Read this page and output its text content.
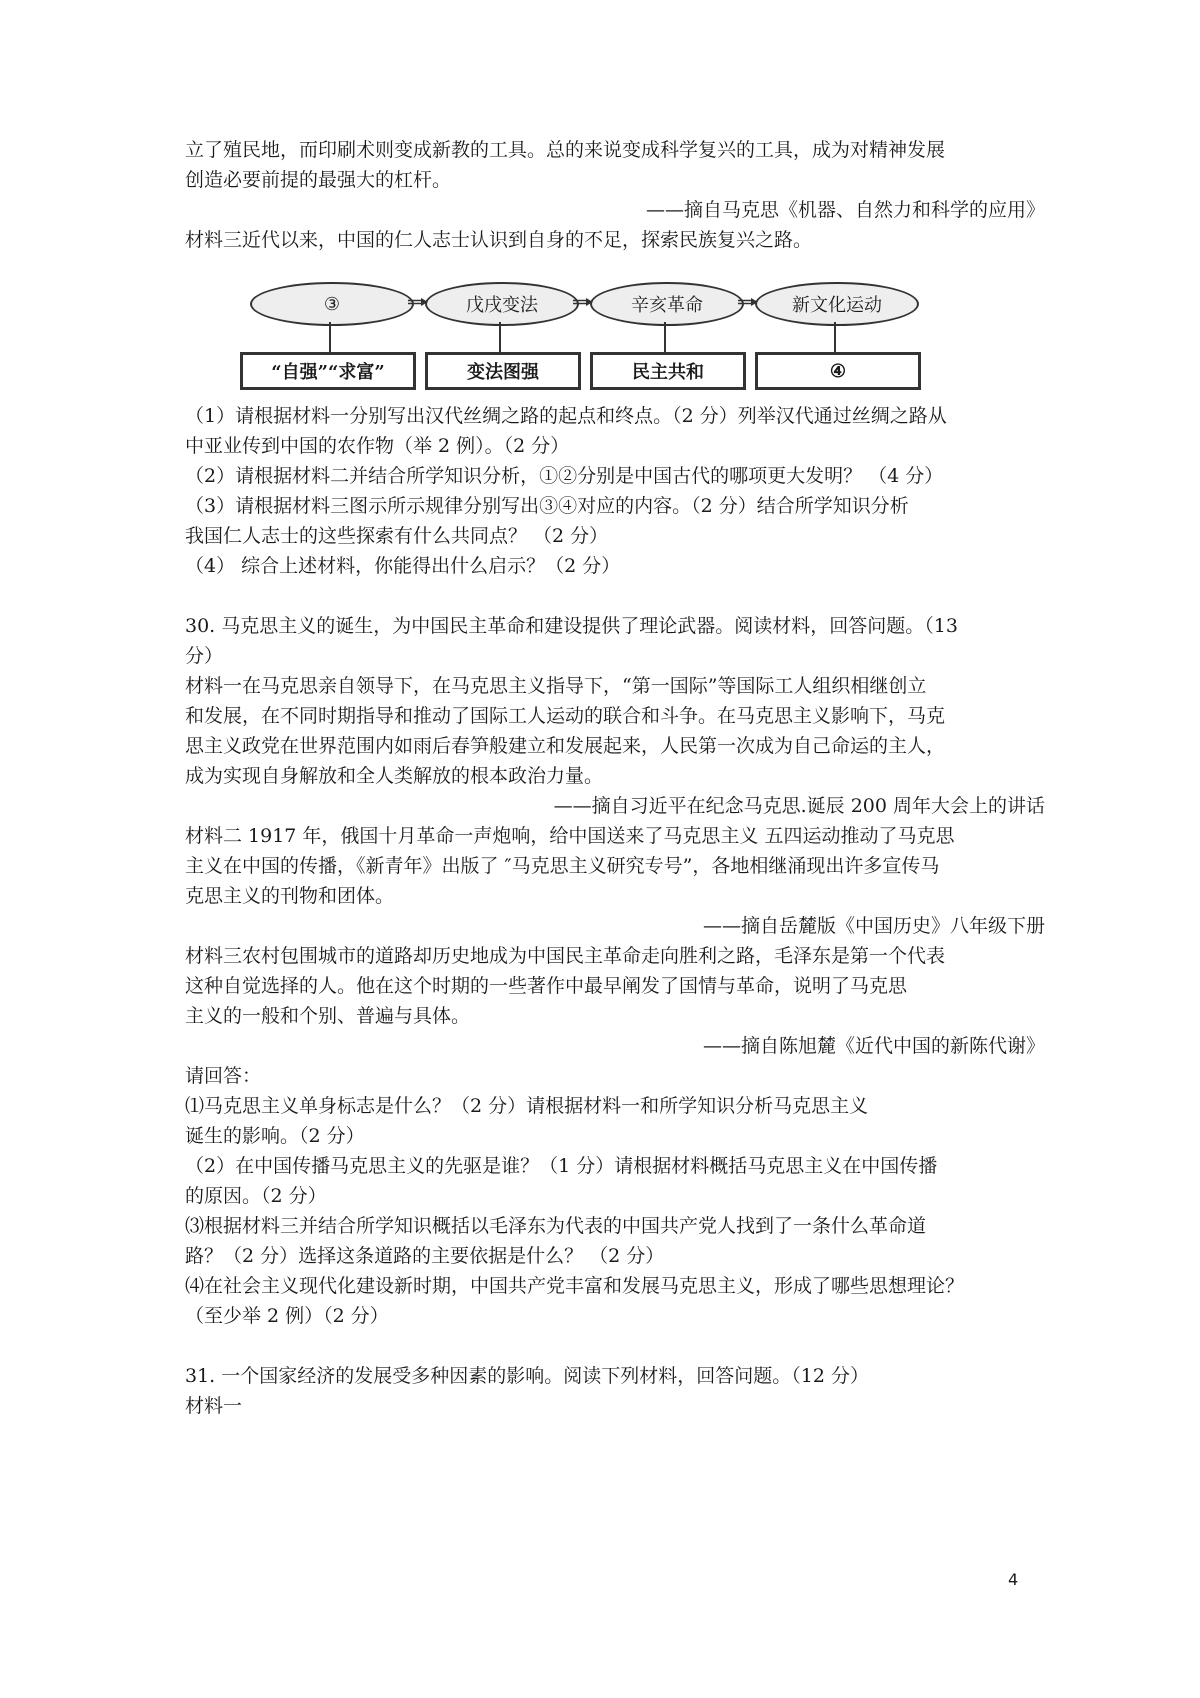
立了殖民地，而印刷术则变成新教的工具。总的来说变成科学复兴的工具，成为对精神发展
创造必要前提的最强大的杠杆。
——摘自马克思《机器、自然力和科学的应用》
材料三近代以来，中国的仁人志士认识到自身的不足，探索民族复兴之路。
③	戊戌变法	辛亥革命	新文化运动
“自强”“求富”	变法图强	民主共和	④
（1）请根据材料一分别写出汉代丝绸之路的起点和终点。（2 分）列举汉代通过丝绸之路从
中亚业传到中国的农作物（举 2 例）。（2 分）
（2）请根据材料二并结合所学知识分析，①②分别是中国古代的哪项更大发明？ （4 分）
（3）请根据材料三图示所示规律分别写出③④对应的内容。（2 分）结合所学知识分析
我国仁人志士的这些探索有什么共同点？ （2 分）
（4） 综合上述材料，你能得出什么启示？（2 分）
30. 马克思主义的诞生，为中国民主革命和建设提供了理论武器。阅读材料，回答问题。（13
分）
材料一在马克思亲自领导下，在马克思主义指导下，“第一国际”等国际工人组织相继创立
和发展，在不同时期指导和推动了国际工人运动的联合和斗争。在马克思主义影响下，马克
思主义政党在世界范围内如雨后春笋般建立和发展起来，人民第一次成为自己命运的主人，
成为实现自身解放和全人类解放的根本政治力量。
——摘自习近平在纪念马克思.诞辰 200 周年大会上的讲话
材料二 1917 年，俄国十月革命一声炮响，给中国送来了马克思主义 五四运动推动了马克思
主义在中国的传播，《新青年》出版了 ″马克思主义研究专号”，各地相继涌现出许多宣传马
克思主义的刊物和团体。
——摘自岳麓版《中国历史》八年级下册
材料三农村包围城市的道路却历史地成为中国民主革命走向胜利之路，毛泽东是第一个代表
这种自觉选择的人。他在这个时期的一些著作中最早阐发了国情与革命，说明了马克思
主义的一般和个别、普遍与具体。
——摘自陈旭麓《近代中国的新陈代谢》
请回答：
⑴马克思主义单身标志是什么？（2 分）请根据材料一和所学知识分析马克思主义
诞生的影响。（2 分）
（2）在中国传播马克思主义的先驱是谁？（1 分）请根据材料概括马克思主义在中国传播
的原因。（2 分）
⑶根据材料三并结合所学知识概括以毛泽东为代表的中国共产党人找到了一条什么革命道
路？（2 分）选择这条道路的主要依据是什么？ （2 分）
⑷在社会主义现代化建设新时期，中国共产党丰富和发展马克思主义，形成了哪些思想理论？
（至少举 2 例）（2 分）
31. 一个国家经济的发展受多种因素的影响。阅读下列材料，回答问题。（12 分）
材料一
4
